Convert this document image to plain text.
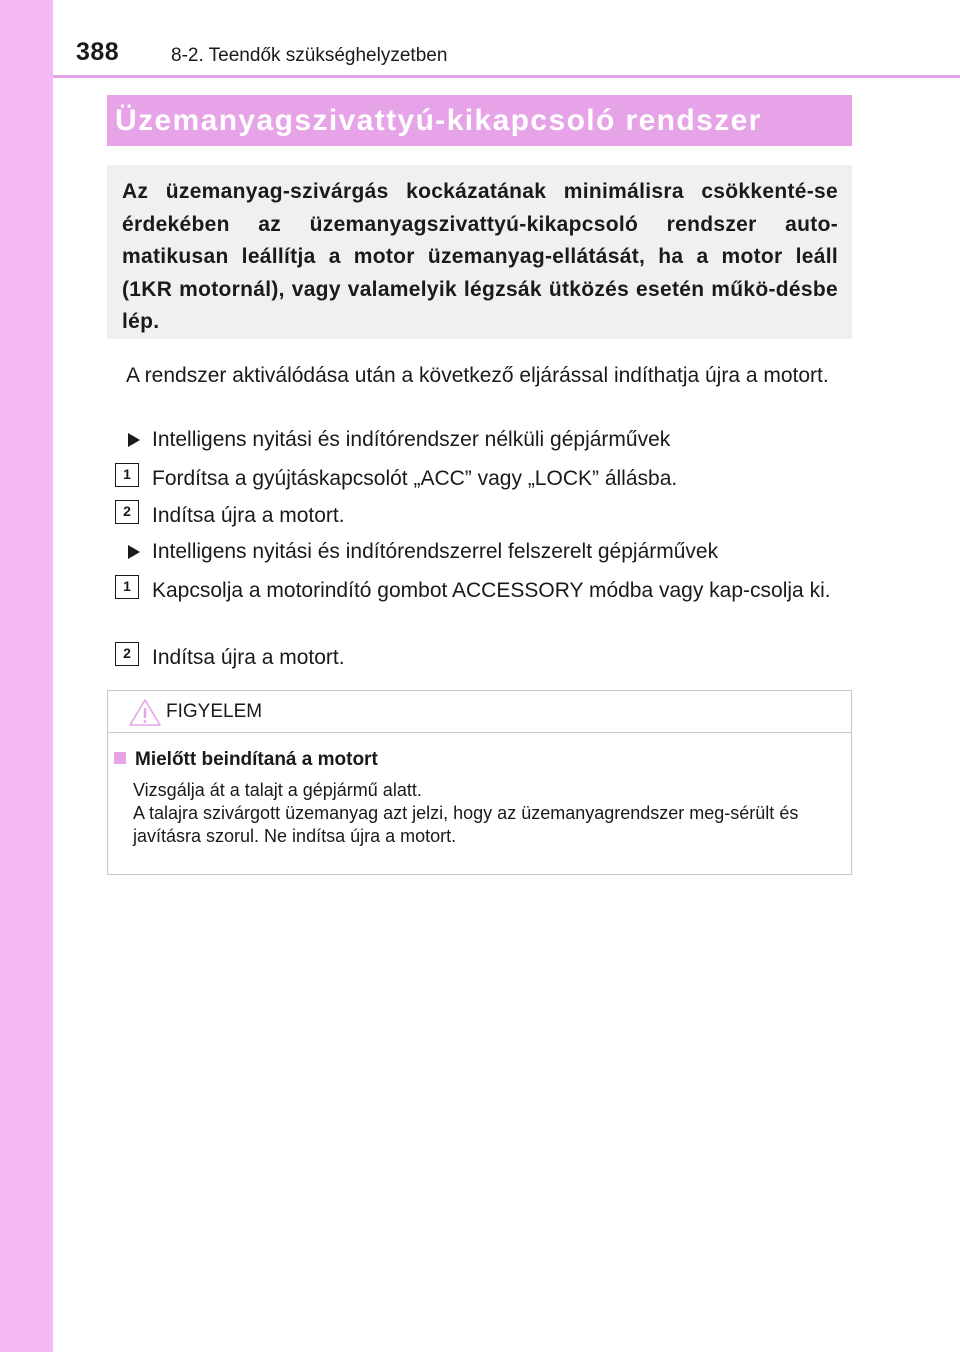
388	8-2. Teendők szükséghelyzetben
Üzemanyagszivattyú-kikapcsoló rendszer

Az üzemanyag-szivárgás kockázatának minimálisra csökkenté-se érdekében az üzemanyagszivattyú-kikapcsoló rendszer auto-matikusan leállítja a motor üzemanyag-ellátását, ha a motor leáll (1KR motornál), vagy valamelyik légzsák ütközés esetén műkö-désbe lép.

A rendszer aktiválódása után a következő eljárással indíthatja újra a motort.

Intelligens nyitási és indítórendszer nélküli gépjárművek
1	Fordítsa a gyújtáskapcsolót „ACC” vagy „LOCK” állásba.

2	Indítsa újra a motort.

Intelligens nyitási és indítórendszerrel felszerelt gépjárművek
1	Kapcsolja a motorindító gombot ACCESSORY módba vagy kap-csolja ki.

2	Indítsa újra a motort.

FIGYELEM
Mielőtt beindítaná a motort
Vizsgálja át a talajt a gépjármű alatt.
A talajra szivárgott üzemanyag azt jelzi, hogy az üzemanyagrendszer meg-sérült és javításra szorul. Ne indítsa újra a motort.
